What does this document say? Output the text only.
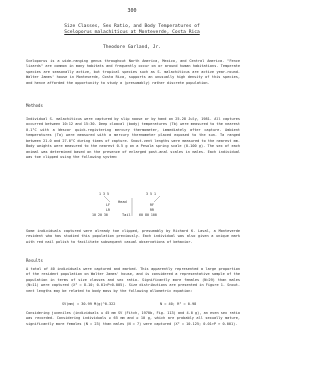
300
Size Classes, Sex Ratio, and Body Temperatures of
Sceloporus malachiticus at Monteverde, Costa Rica
Theodore Garland, Jr.
Sceloporus is a wide-ranging genus throughout North America, Mexico, and Central America. "Fence lizards" are common in many habitats and frequently occur on or around human habitations. Temperate species are seasonally active, but tropical species such as S. malachiticus are active year-round. Walter James' house in Monteverde, Costa Rica, supports an unusually high density of this species, and hence afforded the opportunity to study a (presumably) rather discrete population.
Methods
Individual S. malachiticus were captured by slip noose or by hand on 25-28 July, 1981. All captures occurred between 10:12 and 15:30. Deep cloacal (body) temperatures (Tb) were measured to the nearest 0.1°C with a Wescor quick-registering mercury thermometer, immediately after capture. Ambient temperatures (Ta) were measured with a mercury thermometer placed exposed to the sun. Ta ranged between 21.0 and 27.0°C during times of capture. Snout-vent lengths were measured to the nearest mm. Body weights were measured to the nearest 0.5 g on a Pesola spring scale (0-100 g). The sex of each animal was determined based on the presence of enlarged post-anal scales in males. Each individual was toe clipped using the following system:
1 3 5	3 5 1
Head
LF	RF
LR	RR
10 20 30	Tail	60 80 100
Some individuals captured were already toe clipped, presumably by Richard K. Laval, a Monteverde resident who has studied this population previously. Each individual was also given a unique mark with red nail polish to facilitate subsequent casual observations of behavior.
Results
A total of 40 individuals were captured and marked. This apparently represented a large proportion of the resident population on Walter James' house, and is considered a representative sample of the population in terms of size classes and sex ratio. Significantly more females (N=29) than males (N=11) were captured (X² = 8.10; 0.01<P<0.005). Size distributions are presented in Figure 1. Snout-vent lengths may be related to body mass by the following allometric equation:
SV(mm) = 30.99 M(g)^0.322	N = 40; R² = 0.98
Considering juveniles (individuals ≤ 45 mm SV (Fitch, 1970b, Fig. 113) and 4.0 g), an even sex ratio was recorded. Considering individuals ≥ 65 mm and ≥ 10 g, which are probably all sexually mature, significantly more females (N = 23) than males (N = 7) were captured (X² = 10.125; 0.01>P > 0.001).
